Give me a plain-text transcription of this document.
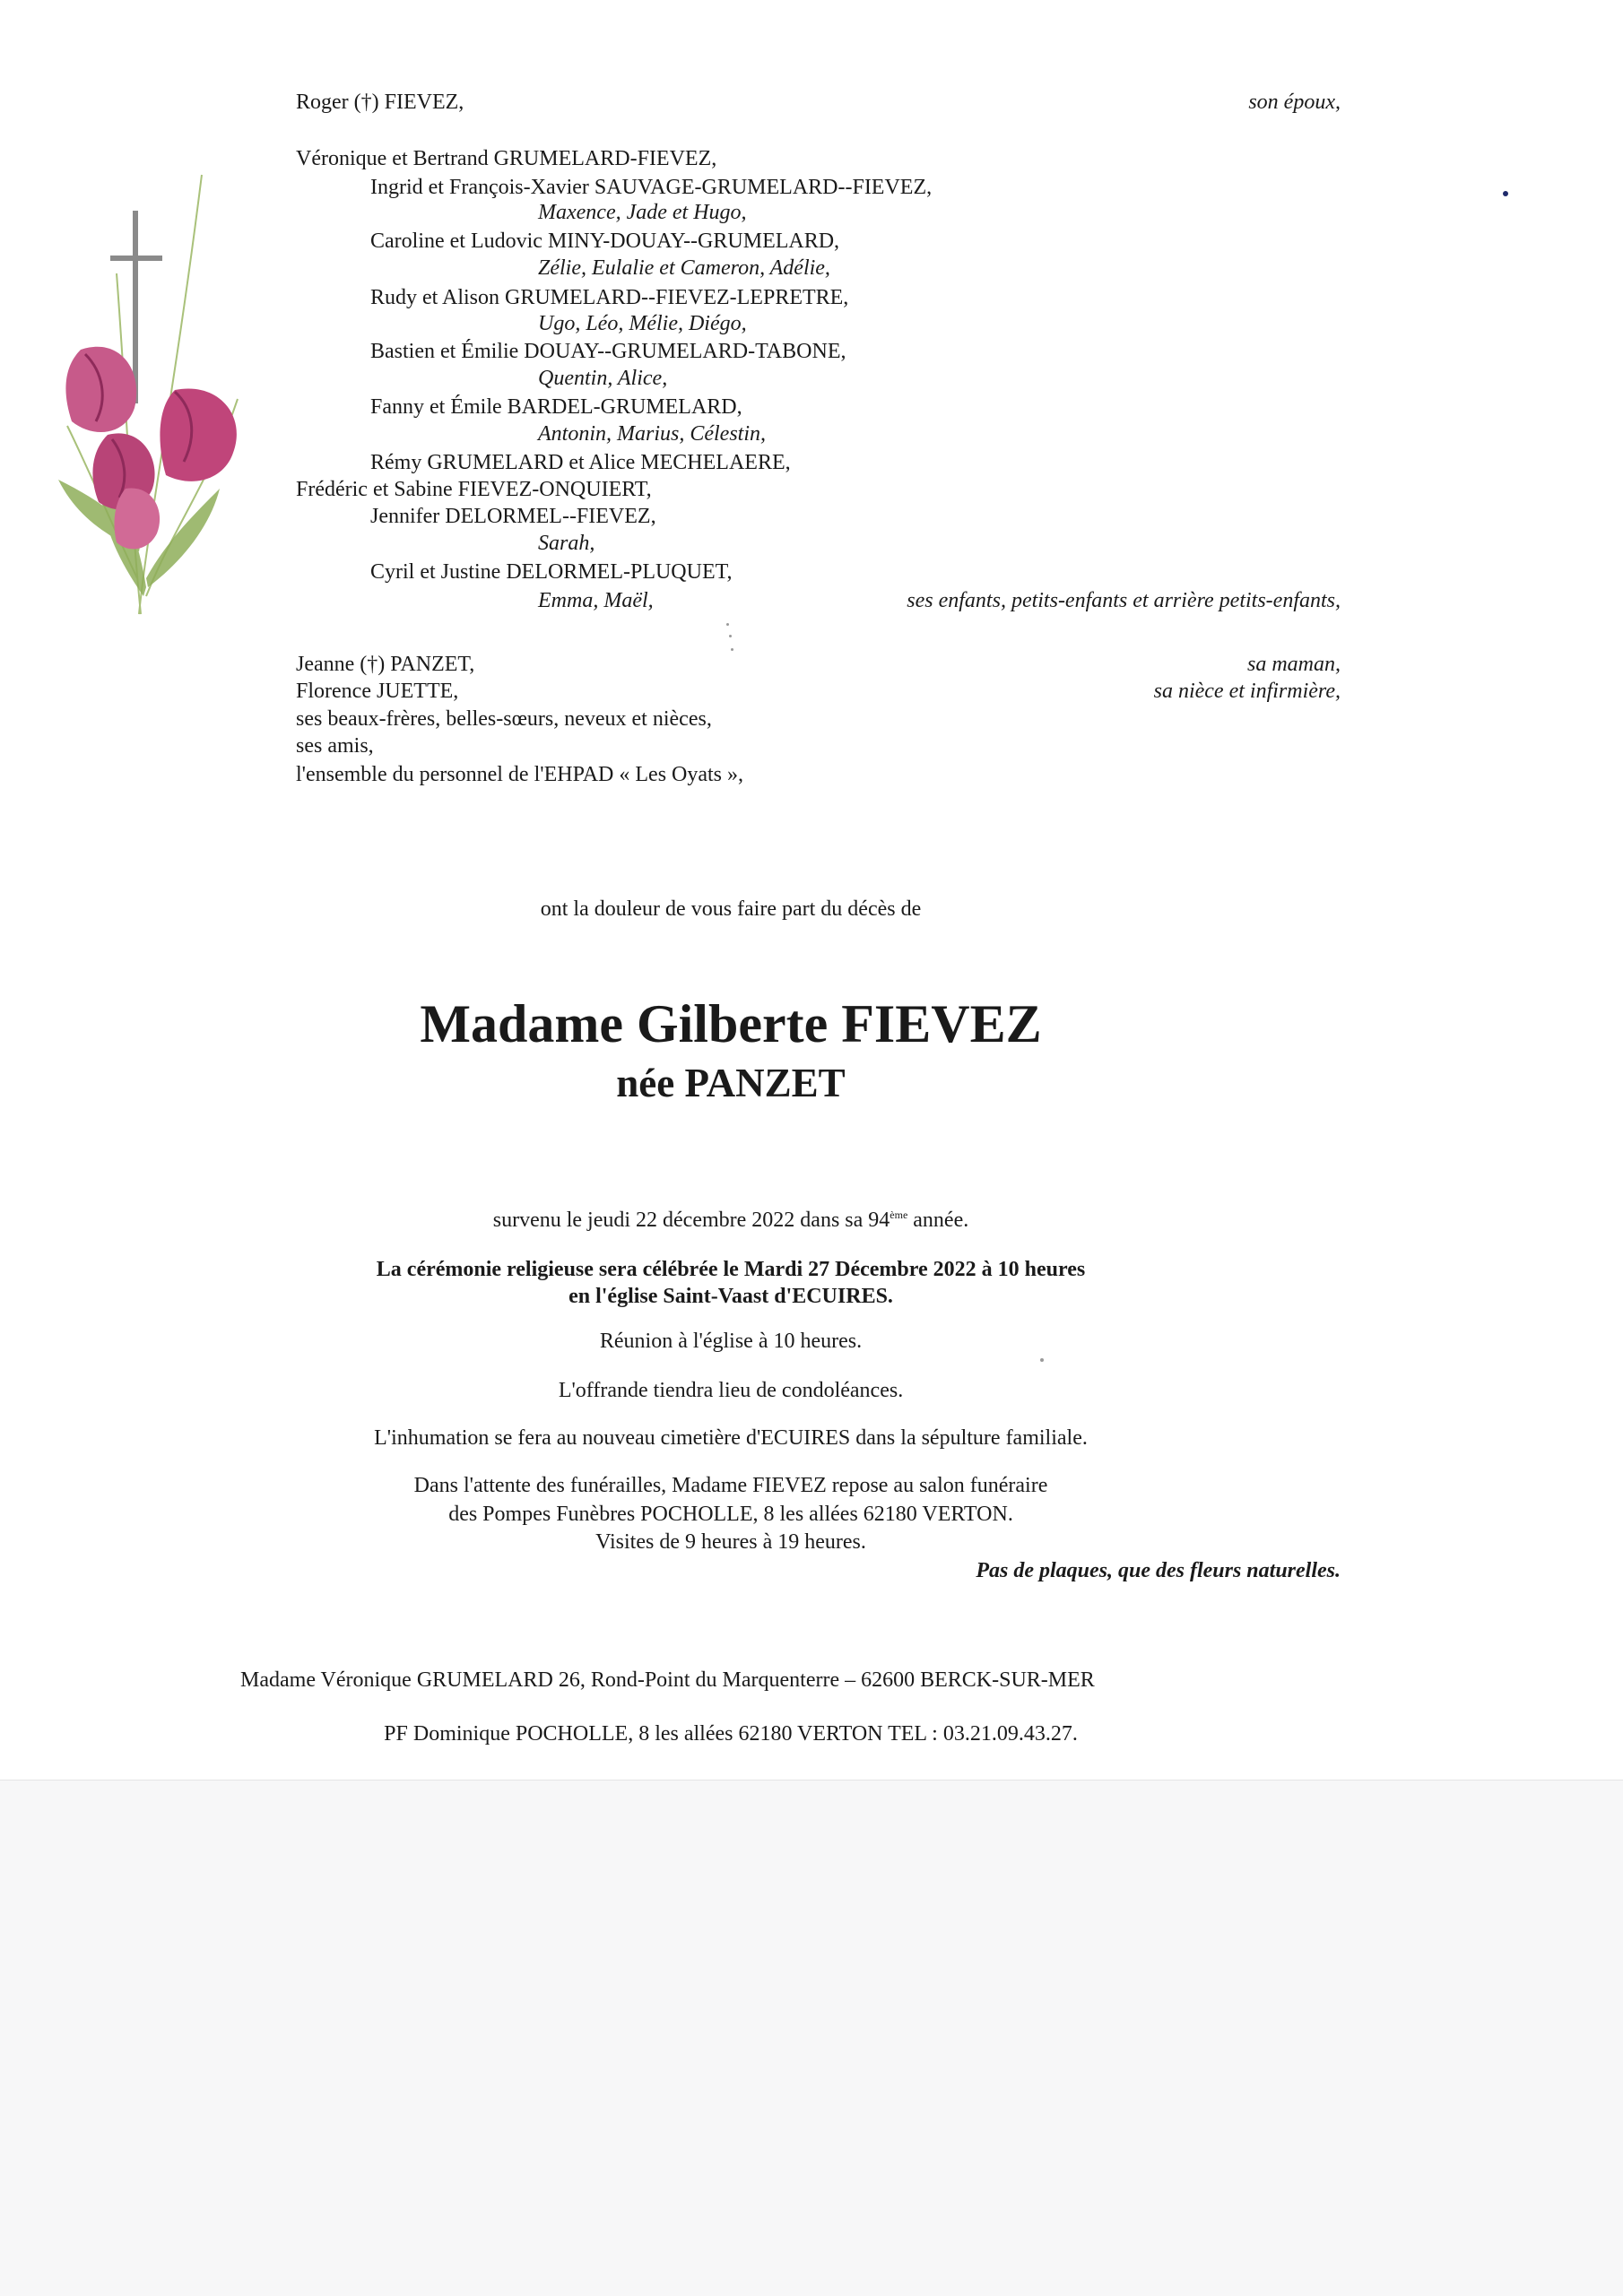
Roger (†) FIEVEZ,	son époux,
Véronique et Bertrand GRUMELARD-FIEVEZ,
Ingrid et François-Xavier SAUVAGE-GRUMELARD--FIEVEZ,
Maxence, Jade et Hugo,
Caroline et Ludovic MINY-DOUAY--GRUMELARD,
Zélie, Eulalie et Cameron, Adélie,
Rudy et Alison GRUMELARD--FIEVEZ-LEPRETRE,
Ugo, Léo, Mélie, Diégo,
Bastien et Émilie DOUAY--GRUMELARD-TABONE,
Quentin, Alice,
Fanny et Émile BARDEL-GRUMELARD,
Antonin, Marius, Célestin,
Rémy GRUMELARD et Alice MECHELAERE,
Frédéric et Sabine FIEVEZ-ONQUIERT,
Jennifer DELORMEL--FIEVEZ,
Sarah,
Cyril et Justine DELORMEL-PLUQUET,
Emma, Maël,	ses enfants, petits-enfants et arrière petits-enfants,
Jeanne (†) PANZET,	sa maman,
Florence JUETTE,	sa nièce et infirmière,
ses beaux-frères, belles-sœurs, neveux et nièces,
ses amis,
l'ensemble du personnel de l'EHPAD « Les Oyats »,
ont la douleur de vous faire part du décès de
Madame Gilberte FIEVEZ
née PANZET
survenu le jeudi 22 décembre 2022 dans sa 94ème année.
La cérémonie religieuse sera célébrée le Mardi 27 Décembre 2022 à 10 heures
en l'église Saint-Vaast d'ECUIRES.
Réunion à l'église à 10 heures.
L'offrande tiendra lieu de condoléances.
L'inhumation se fera au nouveau cimetière d'ECUIRES dans la sépulture familiale.
Dans l'attente des funérailles, Madame FIEVEZ repose au salon funéraire
des Pompes Funèbres POCHOLLE, 8 les allées 62180 VERTON.
Visites de 9 heures à 19 heures.
Pas de plaques, que des fleurs naturelles.
Madame Véronique GRUMELARD 26, Rond-Point du Marquenterre – 62600 BERCK-SUR-MER
PF Dominique POCHOLLE, 8 les allées 62180 VERTON TEL : 03.21.09.43.27.
